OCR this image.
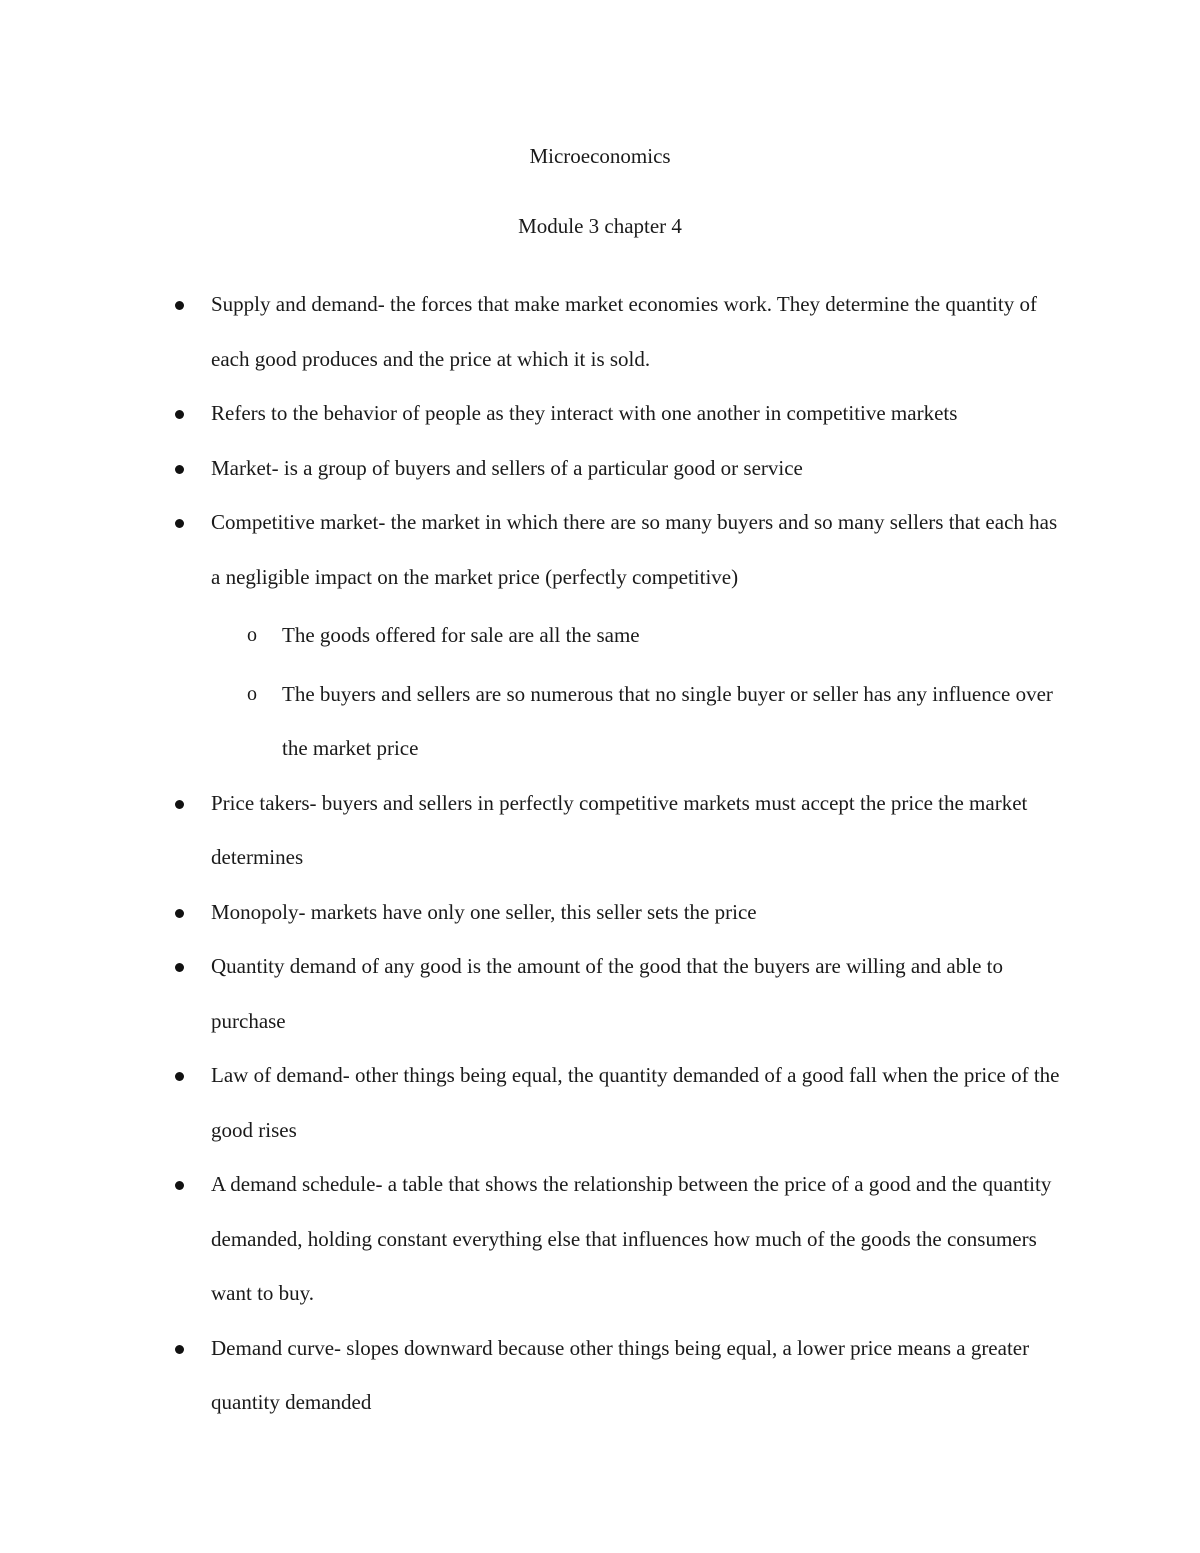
Microeconomics
Module 3 chapter 4
Supply and demand- the forces that make market economies work. They determine the quantity of each good produces and the price at which it is sold.
Refers to the behavior of people as they interact with one another in competitive markets
Market- is a group of buyers and sellers of a particular good or service
Competitive market- the market in which there are so many buyers and so many sellers that each has a negligible impact on the market price (perfectly competitive)
o The goods offered for sale are all the same
o The buyers and sellers are so numerous that no single buyer or seller has any influence over the market price
Price takers- buyers and sellers in perfectly competitive markets must accept the price the market determines
Monopoly- markets have only one seller, this seller sets the price
Quantity demand of any good is the amount of the good that the buyers are willing and able to purchase
Law of demand- other things being equal, the quantity demanded of a good fall when the price of the good rises
A demand schedule- a table that shows the relationship between the price of a good and the quantity demanded, holding constant everything else that influences how much of the goods the consumers want to buy.
Demand curve- slopes downward because other things being equal, a lower price means a greater quantity demanded
